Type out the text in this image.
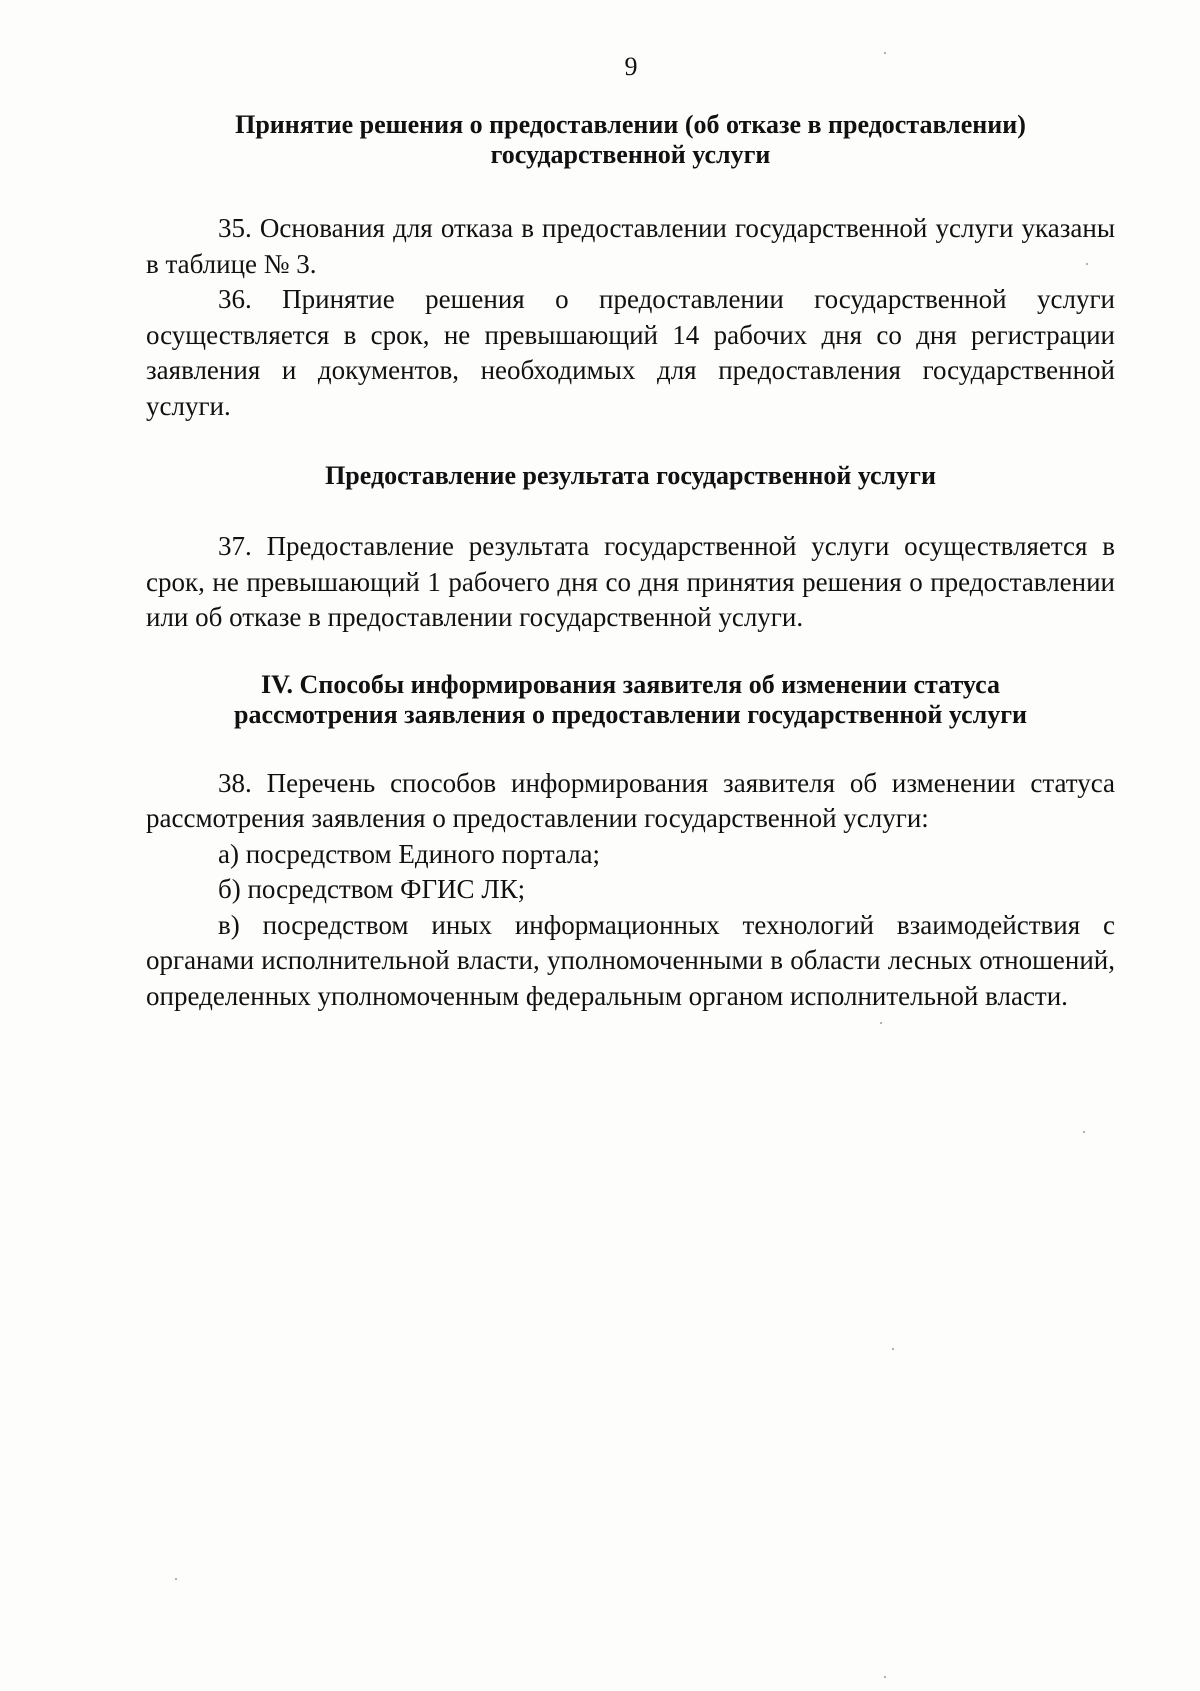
9

Принятие решения о предоставлении (об отказе в предоставлении)
государственной услуги

35. Основания для отказа в предоставлении государственной услуги указаны в таблице № 3.

36. Принятие решения о предоставлении государственной услуги осуществляется в срок, не превышающий 14 рабочих дня со дня регистрации заявления и документов, необходимых для предоставления государственной услуги.

Предоставление результата государственной услуги

37. Предоставление результата государственной услуги осуществляется в срок, не превышающий 1 рабочего дня со дня принятия решения о предоставлении или об отказе в предоставлении государственной услуги.

IV. Способы информирования заявителя об изменении статуса
рассмотрения заявления о предоставлении государственной услуги

38. Перечень способов информирования заявителя об изменении статуса рассмотрения заявления о предоставлении государственной услуги:

а) посредством Единого портала;

б) посредством ФГИС ЛК;

в) посредством иных информационных технологий взаимодействия с органами исполнительной власти, уполномоченными в области лесных отношений, определенных уполномоченным федеральным органом исполнительной власти.
